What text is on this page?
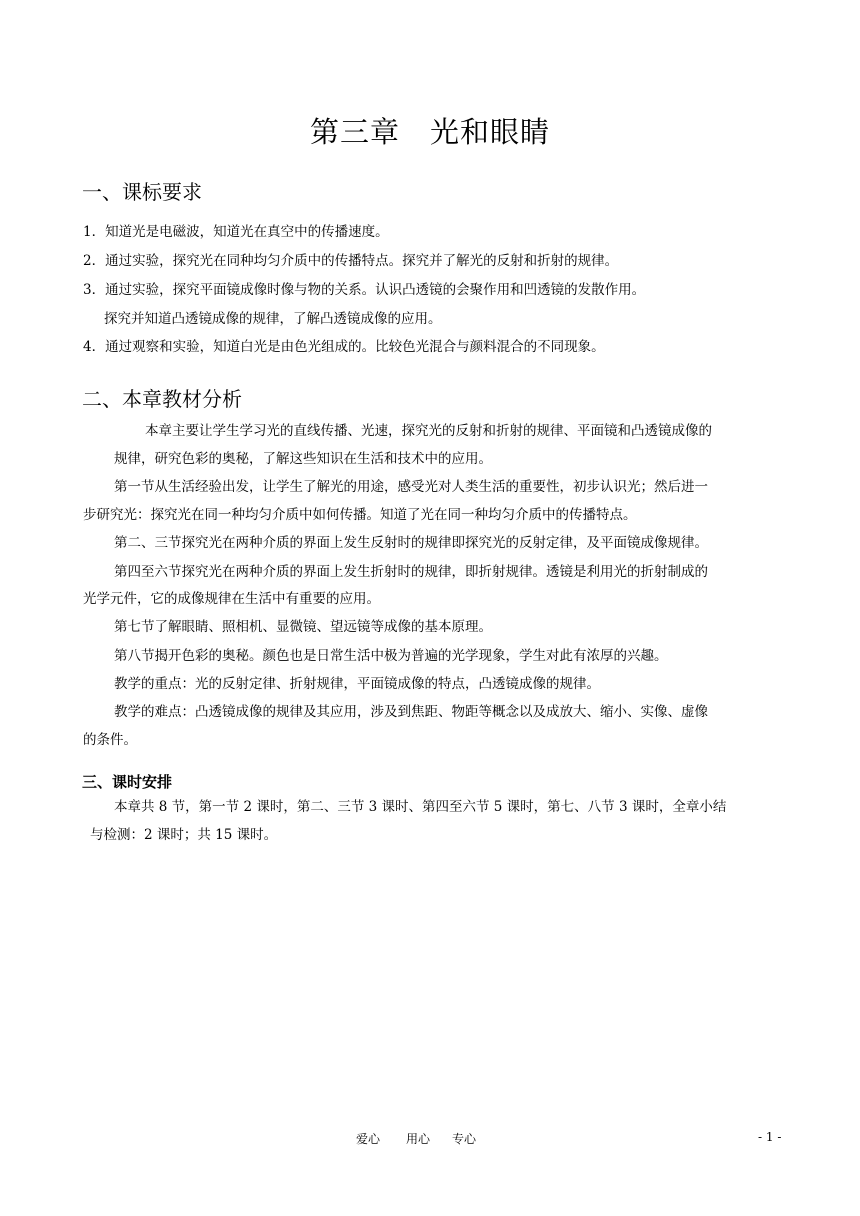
第三章 光和眼睛
一、课标要求
1．知道光是电磁波，知道光在真空中的传播速度。
2．通过实验，探究光在同种均匀介质中的传播特点。探究并了解光的反射和折射的规律。
3．通过实验，探究平面镜成像时像与物的关系。认识凸透镜的会聚作用和凹透镜的发散作用。
探究并知道凸透镜成像的规律，了解凸透镜成像的应用。
4．通过观察和实验，知道白光是由色光组成的。比较色光混合与颜料混合的不同现象。
二、本章教材分析
本章主要让学生学习光的直线传播、光速，探究光的反射和折射的规律、平面镜和凸透镜成像的
规律，研究色彩的奥秘，了解这些知识在生活和技术中的应用。
第一节从生活经验出发，让学生了解光的用途，感受光对人类生活的重要性，初步认识光；然后进一
步研究光：探究光在同一种均匀介质中如何传播。知道了光在同一种均匀介质中的传播特点。
第二、三节探究光在两种介质的界面上发生反射时的规律即探究光的反射定律，及平面镜成像规律。
第四至六节探究光在两种介质的界面上发生折射时的规律，即折射规律。透镜是利用光的折射制成的
光学元件，它的成像规律在生活中有重要的应用。
第七节了解眼睛、照相机、显微镜、望远镜等成像的基本原理。
第八节揭开色彩的奥秘。颜色也是日常生活中极为普遍的光学现象，学生对此有浓厚的兴趣。
教学的重点：光的反射定律、折射规律，平面镜成像的特点，凸透镜成像的规律。
教学的难点：凸透镜成像的规律及其应用，涉及到焦距、物距等概念以及成放大、缩小、实像、虚像
的条件。
三、课时安排
本章共 8 节，第一节 2 课时，第二、三节 3 课时、第四至六节 5 课时，第七、八节 3 课时，全章小结
与检测：2 课时；共 15 课时。
爱心 用心 专心	- 1 -
